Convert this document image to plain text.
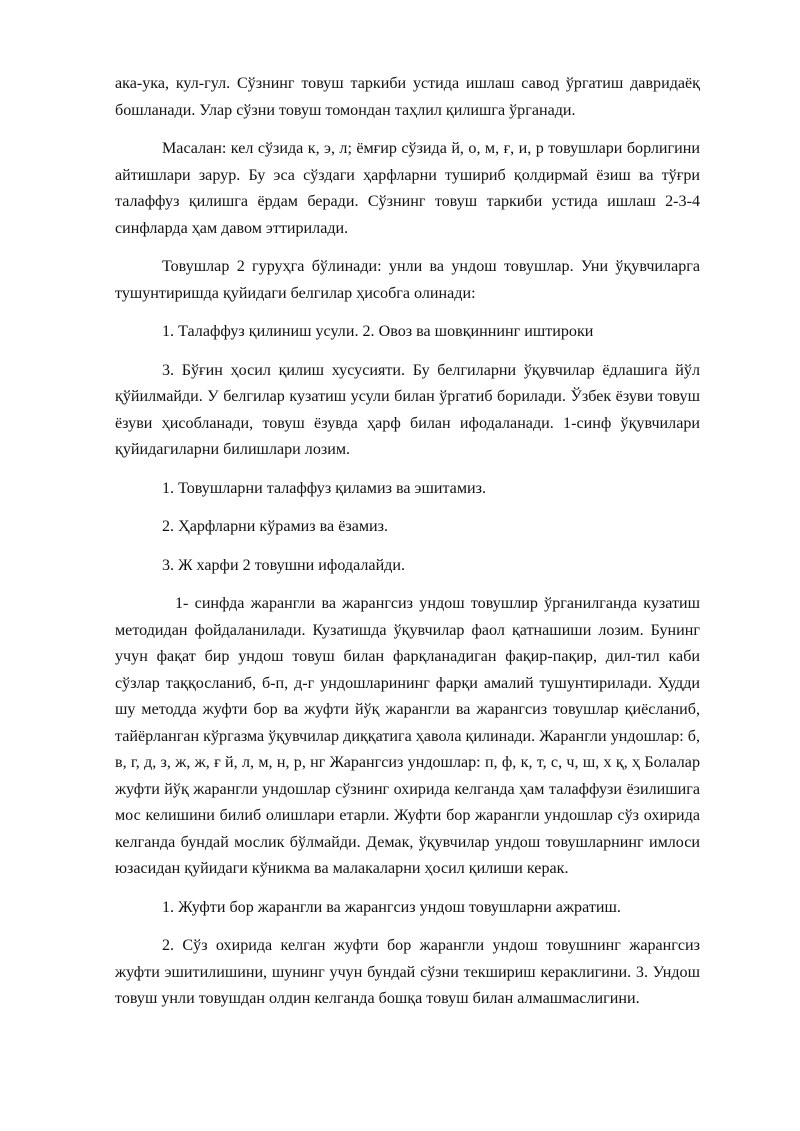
ака-ука, кул-гул. Сўзнинг товуш таркиби устида ишлаш савод ўргатиш давридаёқ бошланади. Улар сўзни товуш томондан таҳлил қилишга ўрганади.

Масалан: кел сўзида к, э, л; ёмғир сўзида й, о, м, ғ, и, р товушлари борлигини айтишлари зарур. Бу эса сўздаги ҳарфларни тушириб қолдирмай ёзиш ва тўғри талаффуз қилишга ёрдам беради. Сўзнинг товуш таркиби устида ишлаш 2-3-4 синфларда ҳам давом эттирилади.

Товушлар 2 гуруҳга бўлинади: унли ва ундош товушлар. Уни ўқувчиларга тушунтиришда қуйидаги белгилар ҳисобга олинади:

1. Талаффуз қилиниш усули. 2. Овоз ва шовқиннинг иштироки

3. Бўғин ҳосил қилиш хусусияти. Бу белгиларни ўқувчилар ёдлашига йўл қўйилмайди. У белгилар кузатиш усули билан ўргатиб борилади. Ўзбек ёзуви товуш ёзуви ҳисобланади, товуш ёзувда ҳарф билан ифодаланади. 1-синф ўқувчилари қуйидагиларни билишлари лозим.

1. Товушларни талаффуз қиламиз ва эшитамиз.

2. Ҳарфларни кўрамиз ва ёзамиз.

3. Ж харфи 2 товушни ифодалайди.

1- синфда жарангли ва жарангсиз ундош товушлир ўрганилганда кузатиш методидан фойдаланилади. Кузатишда ўқувчилар фаол қатнашиши лозим. Бунинг учун фақат бир ундош товуш билан фарқланадиган фақир-пақир, дил-тил каби сўзлар таққосланиб, б-п, д-г ундошларининг фарқи амалий тушунтирилади. Худди шу методда жуфти бор ва жуфти йўқ жарангли ва жарангсиз товушлар қиёсланиб, тайёрланган кўргазма ўқувчилар диққатига ҳавола қилинади. Жарангли ундошлар: б, в, г, д, з, ж, ж, ғ й, л, м, н, р, нг Жарангсиз ундошлар: п, ф, к, т, с, ч, ш, х қ, ҳ Болалар жуфти йўқ жарангли ундошлар сўзнинг охирида келганда ҳам талаффузи ёзилишига мос келишини билиб олишлари етарли. Жуфти бор жарангли ундошлар сўз охирида келганда бундай мослик бўлмайди. Демак, ўқувчилар ундош товушларнинг имлоси юзасидан қуйидаги кўникма ва малакаларни ҳосил қилиши керак.

1. Жуфти бор жарангли ва жарангсиз ундош товушларни ажратиш.

2. Сўз охирида келган жуфти бор жарангли ундош товушнинг жарангсиз жуфти эшитилишини, шунинг учун бундай сўзни текшириш кераклигини. 3. Ундош товуш унли товушдан олдин келганда бошқа товуш билан алмашмаслигини.
